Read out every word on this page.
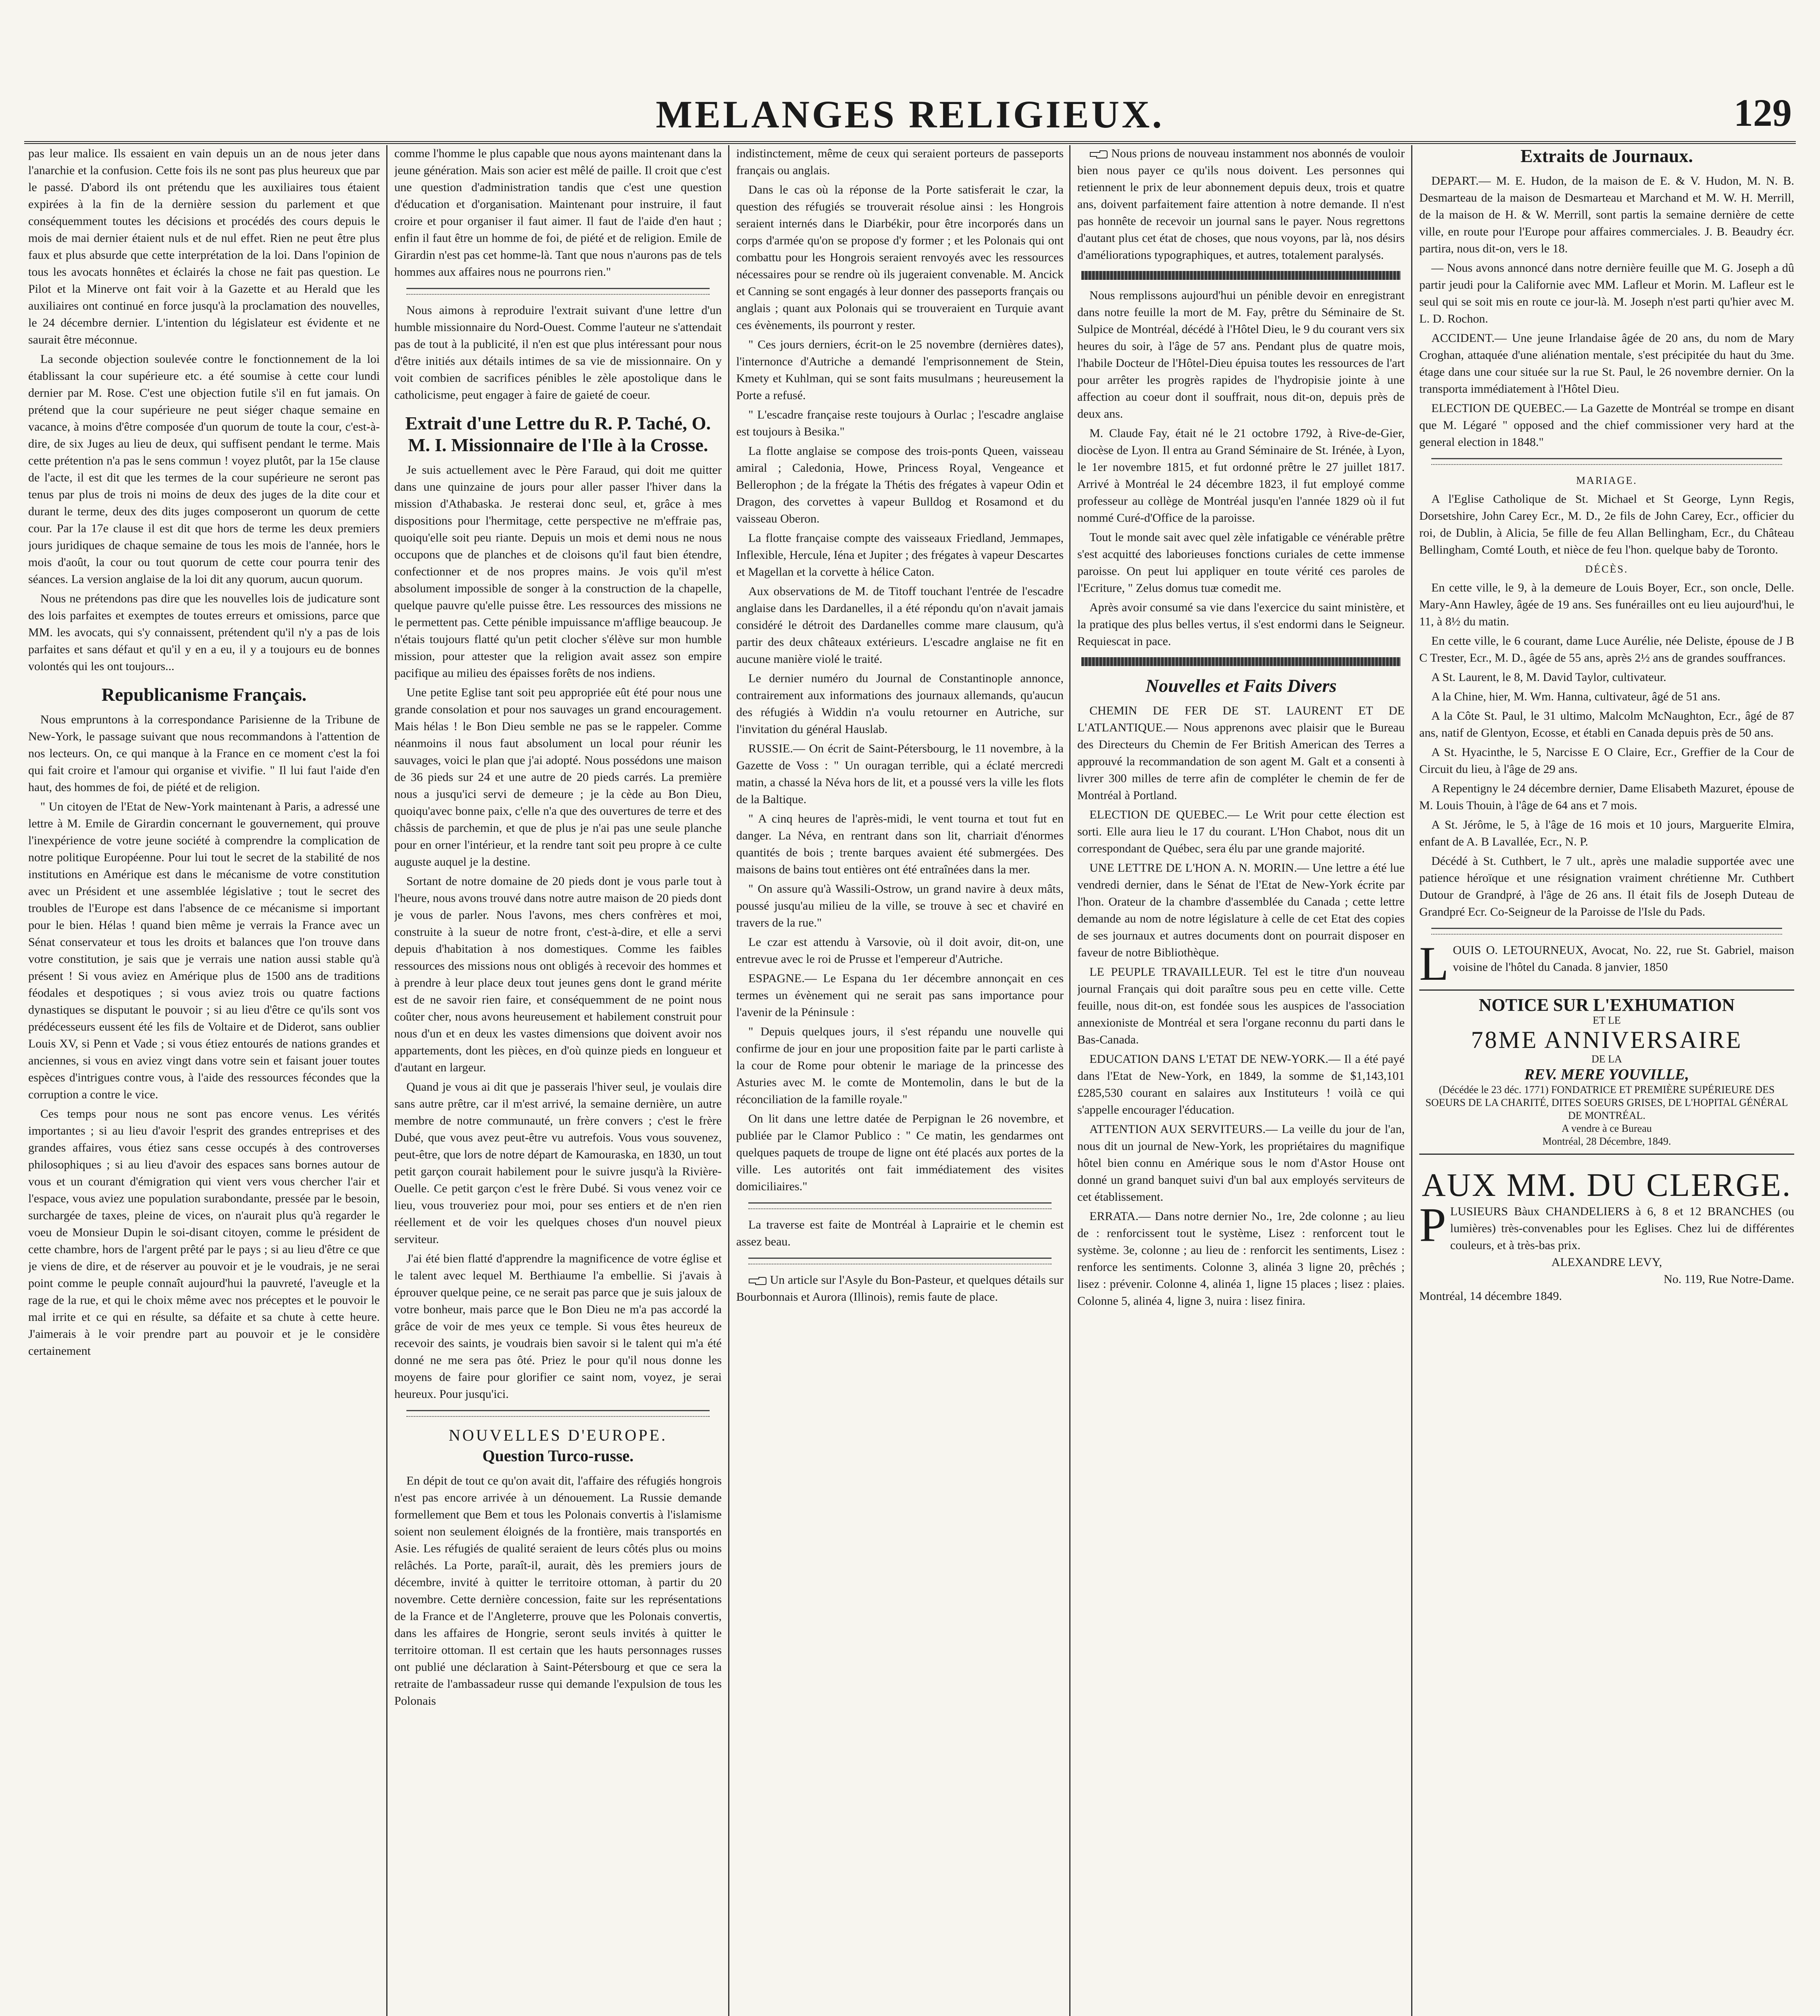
MELANGES RELIGIEUX.	129

pas leur malice. Ils essaient en vain depuis un an de nous jeter dans l'anarchie et la confusion. Cette fois ils ne sont pas plus heureux que par le passé. D'abord ils ont prétendu que les auxiliaires tous étaient expirées à la fin de la dernière session du parlement et que conséquemment toutes les décisions et procédés des cours depuis le mois de mai dernier étaient nuls et de nul effet. Rien ne peut être plus faux et plus absurde que cette interprétation de la loi. Dans l'opinion de tous les avocats honnêtes et éclairés la chose ne fait pas question. Le Pilot et la Minerve ont fait voir à la Gazette et au Herald que les auxiliaires ont continué en force jusqu'à la proclamation des nouvelles, le 24 décembre dernier. L'intention du législateur est évidente et ne saurait être méconnue.

La seconde objection soulevée contre le fonctionnement de la loi établissant la cour supérieure etc. a été soumise à cette cour lundi dernier par M. Rose. C'est une objection futile s'il en fut jamais. On prétend que la cour supérieure ne peut siéger chaque semaine en vacance, à moins d'être composée d'un quorum de toute la cour, c'est-à-dire, de six Juges au lieu de deux, qui suffisent pendant le terme. Mais cette prétention n'a pas le sens commun ! voyez plutôt, par la 15e clause de l'acte, il est dit que les termes de la cour supérieure ne seront pas tenus par plus de trois ni moins de deux des juges de la dite cour et durant le terme, deux des dits juges composeront un quorum de cette cour. Par la 17e clause il est dit que hors de terme les deux premiers jours juridiques de chaque semaine de tous les mois de l'année, hors le mois d'août, la cour ou tout quorum de cette cour pourra tenir des séances. La version anglaise de la loi dit any quorum, aucun quorum.

Nous ne prétendons pas dire que les nouvelles lois de judicature sont des lois parfaites et exemptes de toutes erreurs et omissions, parce que MM. les avocats, qui s'y connaissent, prétendent qu'il n'y a pas de lois parfaites et sans défaut et qu'il y en a eu, il y a toujours eu de bonnes volontés qui les ont toujours...

Republicanisme Français.

Nous empruntons à la correspondance Parisienne de la Tribune de New-York, le passage suivant que nous recommandons à l'attention de nos lecteurs. On, ce qui manque à la France en ce moment c'est la foi qui fait croire et l'amour qui organise et vivifie. " Il lui faut l'aide d'en haut, des hommes de foi, de piété et de religion.

" Un citoyen de l'Etat de New-York maintenant à Paris, a adressé une lettre à M. Emile de Girardin concernant le gouvernement, qui prouve l'inexpérience de votre jeune société à comprendre la complication de notre politique Européenne. Pour lui tout le secret de la stabilité de nos institutions en Amérique est dans le mécanisme de votre constitution avec un Président et une assemblée législative ; tout le secret des troubles de l'Europe est dans l'absence de ce mécanisme si important pour le bien. Hélas ! quand bien même je verrais la France avec un Sénat conservateur et tous les droits et balances que l'on trouve dans votre constitution, je sais que je verrais une nation aussi stable qu'à présent ! Si vous aviez en Amérique plus de 1500 ans de traditions féodales et despotiques ; si vous aviez trois ou quatre factions dynastiques se disputant le pouvoir ; si au lieu d'être ce qu'ils sont vos prédécesseurs eussent été les fils de Voltaire et de Diderot, sans oublier Louis XV, si Penn et Vade ; si vous étiez entourés de nations grandes et anciennes, si vous en aviez vingt dans votre sein et faisant jouer toutes espèces d'intrigues contre vous, à l'aide des ressources fécondes que la corruption a contre le vice.

Ces temps pour nous ne sont pas encore venus. Les vérités importantes ; si au lieu d'avoir l'esprit des grandes entreprises et des grandes affaires, vous étiez sans cesse occupés à des controverses philosophiques ; si au lieu d'avoir des espaces sans bornes autour de vous et un courant d'émigration qui vient vers vous chercher l'air et l'espace, vous aviez une population surabondante, pressée par le besoin, surchargée de taxes, pleine de vices, on n'aurait plus qu'à regarder le voeu de Monsieur Dupin le soi-disant citoyen, comme le président de cette chambre, hors de l'argent prêté par le pays ; si au lieu d'être ce que je viens de dire, et de réserver au pouvoir et je le voudrais, je ne serai point comme le peuple connaît aujourd'hui la pauvreté, l'aveugle et la rage de la rue, et qui le choix même avec nos préceptes et le pouvoir le mal irrite et ce qui en résulte, sa défaite et sa chute à cette heure. J'aimerais à le voir prendre part au pouvoir et je le considère certainement

comme l'homme le plus capable que nous ayons maintenant dans la jeune génération. Mais son acier est mêlé de paille. Il croit que c'est une question d'administration tandis que c'est une question d'éducation et d'organisation. Maintenant pour instruire, il faut croire et pour organiser il faut aimer. Il faut de l'aide d'en haut ; enfin il faut être un homme de foi, de piété et de religion. Emile de Girardin n'est pas cet homme-là. Tant que nous n'aurons pas de tels hommes aux affaires nous ne pourrons rien."

Nous aimons à reproduire l'extrait suivant d'une lettre d'un humble missionnaire du Nord-Ouest. Comme l'auteur ne s'attendait pas de tout à la publicité, il n'en est que plus intéressant pour nous d'être initiés aux détails intimes de sa vie de missionnaire. On y voit combien de sacrifices pénibles le zèle apostolique dans le catholicisme, peut engager à faire de gaieté de coeur.

Extrait d'une Lettre du R. P. Taché, O. M. I. Missionnaire de l'Ile à la Crosse.

Je suis actuellement avec le Père Faraud, qui doit me quitter dans une quinzaine de jours pour aller passer l'hiver dans la mission d'Athabaska. Je resterai donc seul, et, grâce à mes dispositions pour l'hermitage, cette perspective ne m'effraie pas, quoiqu'elle soit peu riante. Depuis un mois et demi nous ne nous occupons que de planches et de cloisons qu'il faut bien étendre, confectionner et de nos propres mains. Je vois qu'il m'est absolument impossible de songer à la construction de la chapelle, quelque pauvre qu'elle puisse être. Les ressources des missions ne le permettent pas. Cette pénible impuissance m'afflige beaucoup. Je n'étais toujours flatté qu'un petit clocher s'élève sur mon humble mission, pour attester que la religion avait assez son empire pacifique au milieu des épaisses forêts de nos indiens.

Une petite Eglise tant soit peu appropriée eût été pour nous une grande consolation et pour nos sauvages un grand encouragement. Mais hélas ! le Bon Dieu semble ne pas se le rappeler. Comme néanmoins il nous faut absolument un local pour réunir les sauvages, voici le plan que j'ai adopté. Nous possédons une maison de 36 pieds sur 24 et une autre de 20 pieds carrés. La première nous a jusqu'ici servi de demeure ; je la cède au Bon Dieu, quoiqu'avec bonne paix, c'elle n'a que des ouvertures de terre et des châssis de parchemin, et que de plus je n'ai pas une seule planche pour en orner l'intérieur, et la rendre tant soit peu propre à ce culte auguste auquel je la destine.

Sortant de notre domaine de 20 pieds dont je vous parle tout à l'heure, nous avons trouvé dans notre autre maison de 20 pieds dont je vous de parler. Nous l'avons, mes chers confrères et moi, construite à la sueur de notre front, c'est-à-dire, et elle a servi depuis d'habitation à nos domestiques. Comme les faibles ressources des missions nous ont obligés à recevoir des hommes et à prendre à leur place deux tout jeunes gens dont le grand mérite est de ne savoir rien faire, et conséquemment de ne point nous coûter cher, nous avons heureusement et habilement construit pour nous d'un et en deux les vastes dimensions que doivent avoir nos appartements, dont les pièces, en d'où quinze pieds en longueur et d'autant en largeur.

Quand je vous ai dit que je passerais l'hiver seul, je voulais dire sans autre prêtre, car il m'est arrivé, la semaine dernière, un autre membre de notre communauté, un frère convers ; c'est le frère Dubé, que vous avez peut-être vu autrefois. Vous vous souvenez, peut-être, que lors de notre départ de Kamouraska, en 1830, un tout petit garçon courait habilement pour le suivre jusqu'à la Rivière-Ouelle. Ce petit garçon c'est le frère Dubé. Si vous venez voir ce lieu, vous trouveriez pour moi, pour ses entiers et de n'en rien réellement et de voir les quelques choses d'un nouvel pieux serviteur.

J'ai été bien flatté d'apprendre la magnificence de votre église et le talent avec lequel M. Berthiaume l'a embellie. Si j'avais à éprouver quelque peine, ce ne serait pas parce que je suis jaloux de votre bonheur, mais parce que le Bon Dieu ne m'a pas accordé la grâce de voir de mes yeux ce temple. Si vous êtes heureux de recevoir des saints, je voudrais bien savoir si le talent qui m'a été donné ne me sera pas ôté. Priez le pour qu'il nous donne les moyens de faire pour glorifier ce saint nom, voyez, je serai heureux. Pour jusqu'ici.

NOUVELLES D'EUROPE.
Question Turco-russe.

En dépit de tout ce qu'on avait dit, l'affaire des réfugiés hongrois n'est pas encore arrivée à un dénouement. La Russie demande formellement que Bem et tous les Polonais convertis à l'islamisme soient non seulement éloignés de la frontière, mais transportés en Asie. Les réfugiés de qualité seraient de leurs côtés plus ou moins relâchés. La Porte, paraît-il, aurait, dès les premiers jours de décembre, invité à quitter le territoire ottoman, à partir du 20 novembre. Cette dernière concession, faite sur les représentations de la France et de l'Angleterre, prouve que les Polonais convertis, dans les affaires de Hongrie, seront seuls invités à quitter le territoire ottoman. Il est certain que les hauts personnages russes ont publié une déclaration à Saint-Pétersbourg et que ce sera la retraite de l'ambassadeur russe qui demande l'expulsion de tous les Polonais

indistinctement, même de ceux qui seraient porteurs de passeports français ou anglais.

Dans le cas où la réponse de la Porte satisferait le czar, la question des réfugiés se trouverait résolue ainsi : les Hongrois seraient internés dans le Diarbékir, pour être incorporés dans un corps d'armée qu'on se propose d'y former ; et les Polonais qui ont combattu pour les Hongrois seraient renvoyés avec les ressources nécessaires pour se rendre où ils jugeraient convenable. M. Ancick et Canning se sont engagés à leur donner des passeports français ou anglais ; quant aux Polonais qui se trouveraient en Turquie avant ces évènements, ils pourront y rester.

" Ces jours derniers, écrit-on le 25 novembre (dernières dates), l'internonce d'Autriche a demandé l'emprisonnement de Stein, Kmety et Kuhlman, qui se sont faits musulmans ; heureusement la Porte a refusé.

" L'escadre française reste toujours à Ourlac ; l'escadre anglaise est toujours à Besika."

La flotte anglaise se compose des trois-ponts Queen, vaisseau amiral ; Caledonia, Howe, Princess Royal, Vengeance et Bellerophon ; de la frégate la Thétis des frégates à vapeur Odin et Dragon, des corvettes à vapeur Bulldog et Rosamond et du vaisseau Oberon.

La flotte française compte des vaisseaux Friedland, Jemmapes, Inflexible, Hercule, Iéna et Jupiter ; des frégates à vapeur Descartes et Magellan et la corvette à hélice Caton.

Aux observations de M. de Titoff touchant l'entrée de l'escadre anglaise dans les Dardanelles, il a été répondu qu'on n'avait jamais considéré le détroit des Dardanelles comme mare clausum, qu'à partir des deux châteaux extérieurs. L'escadre anglaise ne fit en aucune manière violé le traité.

Le dernier numéro du Journal de Constantinople annonce, contrairement aux informations des journaux allemands, qu'aucun des réfugiés à Widdin n'a voulu retourner en Autriche, sur l'invitation du général Hauslab.

RUSSIE.— On écrit de Saint-Pétersbourg, le 11 novembre, à la Gazette de Voss : " Un ouragan terrible, qui a éclaté mercredi matin, a chassé la Néva hors de lit, et a poussé vers la ville les flots de la Baltique.

" A cinq heures de l'après-midi, le vent tourna et tout fut en danger. La Néva, en rentrant dans son lit, charriait d'énormes quantités de bois ; trente barques avaient été submergées. Des maisons de bains tout entières ont été entraînées dans la mer.

" On assure qu'à Wassili-Ostrow, un grand navire à deux mâts, poussé jusqu'au milieu de la ville, se trouve à sec et chaviré en travers de la rue."

Le czar est attendu à Varsovie, où il doit avoir, dit-on, une entrevue avec le roi de Prusse et l'empereur d'Autriche.

ESPAGNE.— Le Espana du 1er décembre annonçait en ces termes un évènement qui ne serait pas sans importance pour l'avenir de la Péninsule :

" Depuis quelques jours, il s'est répandu une nouvelle qui confirme de jour en jour une proposition faite par le parti carliste à la cour de Rome pour obtenir le mariage de la princesse des Asturies avec M. le comte de Montemolin, dans le but de la réconciliation de la famille royale."

On lit dans une lettre datée de Perpignan le 26 novembre, et publiée par le Clamor Publico : " Ce matin, les gendarmes ont quelques paquets de troupe de ligne ont été placés aux portes de la ville. Les autorités ont fait immédiatement des visites domiciliaires."

La traverse est faite de Montréal à Laprairie et le chemin est assez beau.

Un article sur l'Asyle du Bon-Pasteur, et quelques détails sur Bourbonnais et Aurora (Illinois), remis faute de place.

Nous prions de nouveau instamment nos abonnés de vouloir bien nous payer ce qu'ils nous doivent. Les personnes qui retiennent le prix de leur abonnement depuis deux, trois et quatre ans, doivent parfaitement faire attention à notre demande. Il n'est pas honnête de recevoir un journal sans le payer. Nous regrettons d'autant plus cet état de choses, que nous voyons, par là, nos désirs d'améliorations typographiques, et autres, totalement paralysés.

Nous remplissons aujourd'hui un pénible devoir en enregistrant dans notre feuille la mort de M. Fay, prêtre du Séminaire de St. Sulpice de Montréal, décédé à l'Hôtel Dieu, le 9 du courant vers six heures du soir, à l'âge de 57 ans. Pendant plus de quatre mois, l'habile Docteur de l'Hôtel-Dieu épuisa toutes les ressources de l'art pour arrêter les progrès rapides de l'hydropisie jointe à une affection au coeur dont il souffrait, nous dit-on, depuis près de deux ans.

M. Claude Fay, était né le 21 octobre 1792, à Rive-de-Gier, diocèse de Lyon. Il entra au Grand Séminaire de St. Irénée, à Lyon, le 1er novembre 1815, et fut ordonné prêtre le 27 juillet 1817. Arrivé à Montréal le 24 décembre 1823, il fut employé comme professeur au collège de Montréal jusqu'en l'année 1829 où il fut nommé Curé-d'Office de la paroisse.

Tout le monde sait avec quel zèle infatigable ce vénérable prêtre s'est acquitté des laborieuses fonctions curiales de cette immense paroisse. On peut lui appliquer en toute vérité ces paroles de l'Ecriture, " Zelus domus tuæ comedit me.

Après avoir consumé sa vie dans l'exercice du saint ministère, et la pratique des plus belles vertus, il s'est endormi dans le Seigneur. Requiescat in pace.

Nouvelles et Faits Divers

CHEMIN DE FER DE ST. LAURENT ET DE L'ATLANTIQUE.— Nous apprenons avec plaisir que le Bureau des Directeurs du Chemin de Fer British American des Terres a approuvé la recommandation de son agent M. Galt et a consenti à livrer 300 milles de terre afin de compléter le chemin de fer de Montréal à Portland.

ELECTION DE QUEBEC.— Le Writ pour cette élection est sorti. Elle aura lieu le 17 du courant. L'Hon Chabot, nous dit un correspondant de Québec, sera élu par une grande majorité.

UNE LETTRE DE L'HON A. N. MORIN.— Une lettre a été lue vendredi dernier, dans le Sénat de l'Etat de New-York écrite par l'hon. Orateur de la chambre d'assemblée du Canada ; cette lettre demande au nom de notre législature à celle de cet Etat des copies de ses journaux et autres documents dont on pourrait disposer en faveur de notre Bibliothèque.

LE PEUPLE TRAVAILLEUR. Tel est le titre d'un nouveau journal Français qui doit paraître sous peu en cette ville. Cette feuille, nous dit-on, est fondée sous les auspices de l'association annexioniste de Montréal et sera l'organe reconnu du parti dans le Bas-Canada.

EDUCATION DANS L'ETAT DE NEW-YORK.— Il a été payé dans l'Etat de New-York, en 1849, la somme de $1,143,101 £285,530 courant en salaires aux Instituteurs ! voilà ce qui s'appelle encourager l'éducation.

ATTENTION AUX SERVITEURS.— La veille du jour de l'an, nous dit un journal de New-York, les propriétaires du magnifique hôtel bien connu en Amérique sous le nom d'Astor House ont donné un grand banquet suivi d'un bal aux employés serviteurs de cet établissement.

ERRATA.— Dans notre dernier No., 1re, 2de colonne ; au lieu de : renforcissent tout le système, Lisez : renforcent tout le système. 3e, colonne ; au lieu de : renforcit les sentiments, Lisez : renforce les sentiments. Colonne 3, alinéa 3 ligne 20, prêchés ; lisez : prévenir. Colonne 4, alinéa 1, ligne 15 places ; lisez : plaies. Colonne 5, alinéa 4, ligne 3, nuira : lisez finira.

Extraits de Journaux.

DEPART.— M. E. Hudon, de la maison de E. & V. Hudon, M. N. B. Desmarteau de la maison de Desmarteau et Marchand et M. W. H. Merrill, de la maison de H. & W. Merrill, sont partis la semaine dernière de cette ville, en route pour l'Europe pour affaires commerciales. J. B. Beaudry écr. partira, nous dit-on, vers le 18.

— Nous avons annoncé dans notre dernière feuille que M. G. Joseph a dû partir jeudi pour la Californie avec MM. Lafleur et Morin. M. Lafleur est le seul qui se soit mis en route ce jour-là. M. Joseph n'est parti qu'hier avec M. L. D. Rochon.

ACCIDENT.— Une jeune Irlandaise âgée de 20 ans, du nom de Mary Croghan, attaquée d'une aliénation mentale, s'est précipitée du haut du 3me. étage dans une cour située sur la rue St. Paul, le 26 novembre dernier. On la transporta immédiatement à l'Hôtel Dieu.

ELECTION DE QUEBEC.— La Gazette de Montréal se trompe en disant que M. Légaré " opposed and the chief commissioner very hard at the general election in 1848."

MARIAGE.

A l'Eglise Catholique de St. Michael et St George, Lynn Regis, Dorsetshire, John Carey Ecr., M. D., 2e fils de John Carey, Ecr., officier du roi, de Dublin, à Alicia, 5e fille de feu Allan Bellingham, Ecr., du Château Bellingham, Comté Louth, et nièce de feu l'hon. quelque baby de Toronto.

DÉCÈS.

En cette ville, le 9, à la demeure de Louis Boyer, Ecr., son oncle, Delle. Mary-Ann Hawley, âgée de 19 ans. Ses funérailles ont eu lieu aujourd'hui, le 11, à 8½ du matin.

En cette ville, le 6 courant, dame Luce Aurélie, née Deliste, épouse de J B C Trester, Ecr., M. D., âgée de 55 ans, après 2½ ans de grandes souffrances.

A St. Laurent, le 8, M. David Taylor, cultivateur.

A la Chine, hier, M. Wm. Hanna, cultivateur, âgé de 51 ans.

A la Côte St. Paul, le 31 ultimo, Malcolm McNaughton, Ecr., âgé de 87 ans, natif de Glentyon, Ecosse, et établi en Canada depuis près de 50 ans.

A St. Hyacinthe, le 5, Narcisse E O Claire, Ecr., Greffier de la Cour de Circuit du lieu, à l'âge de 29 ans.

A Repentigny le 24 décembre dernier, Dame Elisabeth Mazuret, épouse de M. Louis Thouin, à l'âge de 64 ans et 7 mois.

A St. Jérôme, le 5, à l'âge de 16 mois et 10 jours, Marguerite Elmira, enfant de A. B Lavallée, Ecr., N. P.

Décédé à St. Cuthbert, le 7 ult., après une maladie supportée avec une patience héroïque et une résignation vraiment chrétienne Mr. Cuthbert Dutour de Grandpré, à l'âge de 26 ans. Il était fils de Joseph Duteau de Grandpré Ecr. Co-Seigneur de la Paroisse de l'Isle du Pads.

L OUIS O. LETOURNEUX, Avocat, No. 22, rue St. Gabriel, maison voisine de l'hôtel du Canada. 8 janvier, 1850
NOTICE SUR L'EXHUMATION
ET LE
78ME ANNIVERSAIRE
DE LA
REV. MERE YOUVILLE,
(Décédée le 23 déc. 1771) FONDATRICE ET PREMIÈRE SUPÉRIEURE DES SOEURS DE LA CHARITÉ, DITES SOEURS GRISES, DE L'HOPITAL GÉNÉRAL DE MONTRÉAL.
A vendre à ce Bureau
Montréal, 28 Décembre, 1849.
AUX MM. DU CLERGE.
P LUSIEURS Bàux CHANDELIERS à 6, 8 et 12 BRANCHES (ou lumières) très-convenables pour les Eglises. Chez lui de différentes couleurs, et à très-bas prix.
ALEXANDRE LEVY,
No. 119, Rue Notre-Dame.
Montréal, 14 décembre 1849.
